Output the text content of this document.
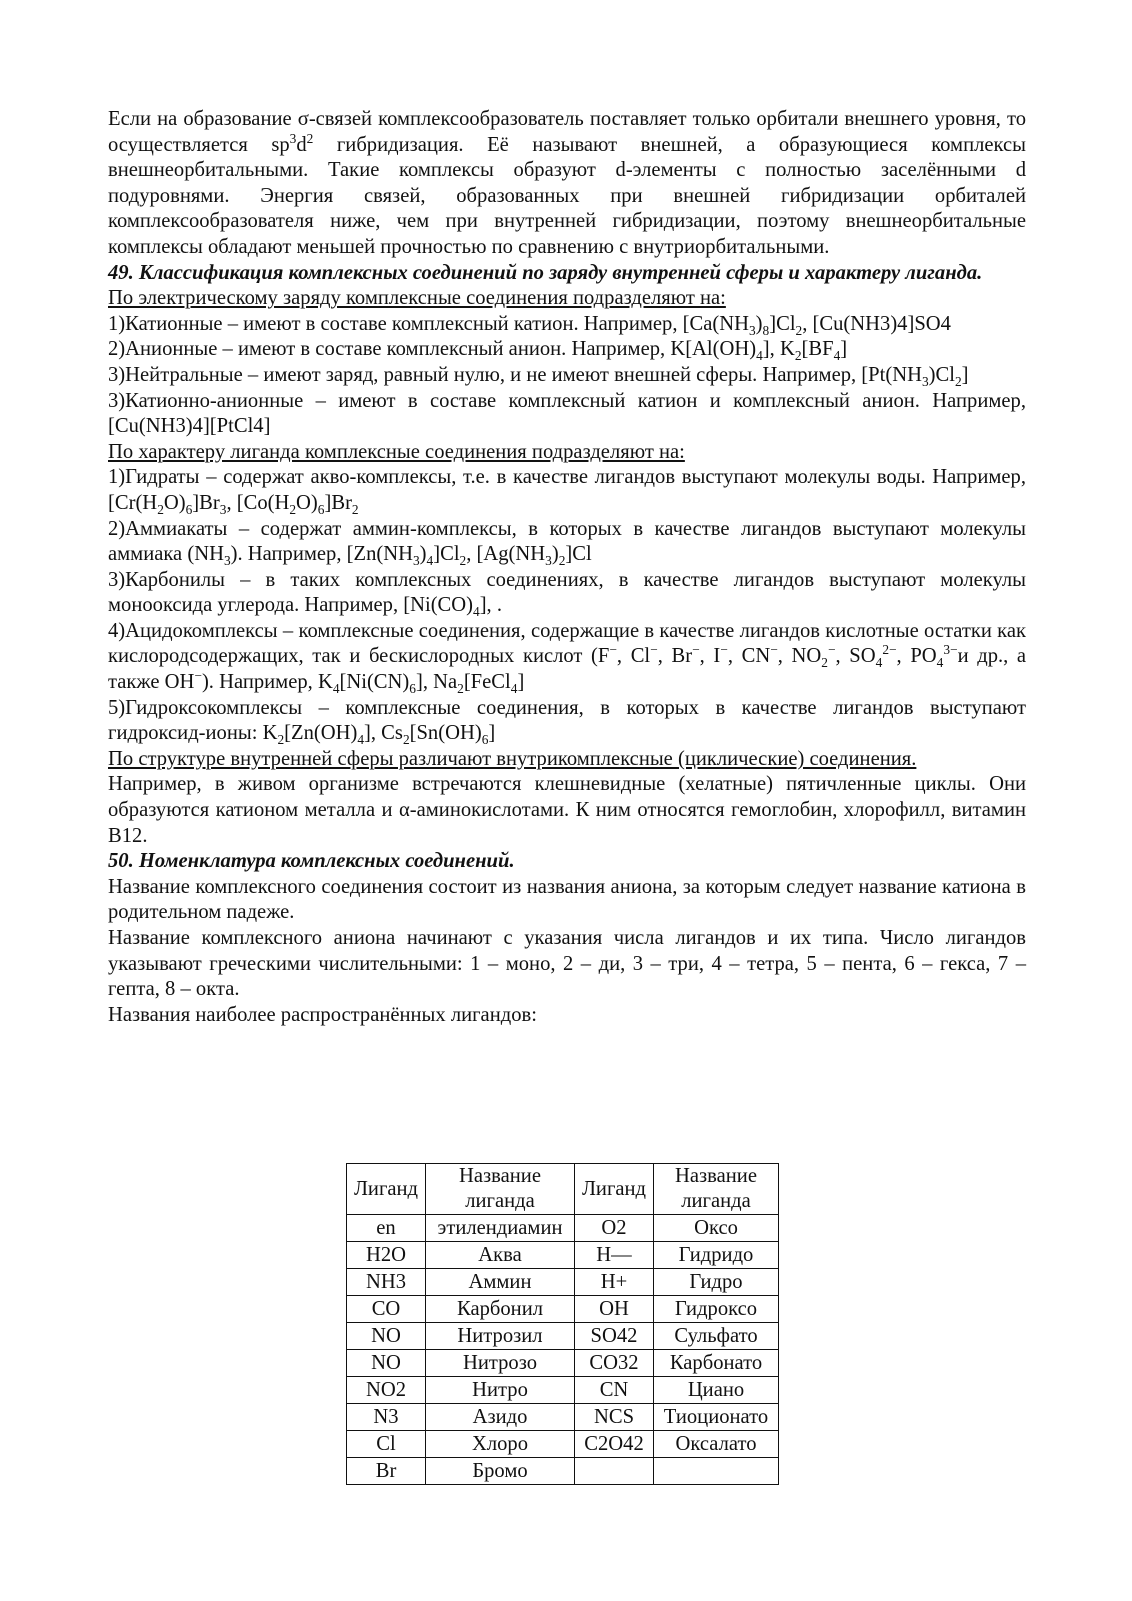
Если на образование σ-связей комплексообразователь поставляет только орбитали внешнего уровня, то осуществляется $sp^3d^2$ гибридизация. Её называют внешней, а образующиеся комплексы внешнеорбитальными. Такие комплексы образуют d-элементы с полностью заселёнными d подуровнями. Энергия связей, образованных при внешней гибридизации орбиталей комплексообразователя ниже, чем при внутренней гибридизации, поэтому внешнеорбитальные комплексы обладают меньшей прочностью по сравнению с внутриорбитальными.

49. Классификация комплексных соединений по заряду внутренней сферы и характеру лиганда.

По электрическому заряду комплексные соединения подразделяют на:

1)Катионные – имеют в составе комплексный катион. Например, $[Ca(NH_3)_8]Cl_2$, [Cu(NH3)4]SO4

2)Анионные – имеют в составе комплексный анион. Например, $K[Al(OH)_4]$, $K_2[BF_4]$

3)Нейтральные – имеют заряд, равный нулю, и не имеют внешней сферы. Например, $[Pt(NH_3)Cl_2]$

3)Катионно-анионные – имеют в составе комплексный катион и комплексный анион. Например, [Cu(NH3)4][PtCl4]

По характеру лиганда комплексные соединения подразделяют на:

1)Гидраты – содержат акво-комплексы, т.е. в качестве лигандов выступают молекулы воды. Например, $[Cr(H_2O)_6]Br_3$, $[Co(H_2O)_6]Br_2$

2)Аммиакаты – содержат аммин-комплексы, в которых в качестве лигандов выступают молекулы аммиака $(NH_3)$. Например, $[Zn(NH_3)_4]Cl_2$, $[Ag(NH_3)_2]Cl$

3)Карбонилы – в таких комплексных соединениях, в качестве лигандов выступают молекулы монооксида углерода. Например, $[Ni(CO)_4]$, .

4)Ацидокомплексы – комплексные соединения, содержащие в качестве лигандов кислотные остатки как кислородсодержащих, так и бескислородных кислот (F−, Cl−, Br−, I−, CN−, $NO_2^-$, $SO_4^{2-}$, $PO_4^{3-}и$ др., а также OH−). Например, $K_4[Ni(CN)_6]$, $Na_2[FeCl_4]$

5)Гидроксокомплексы – комплексные соединения, в которых в качестве лигандов выступают гидроксид-ионы: $K_2[Zn(OH)_4]$, $Cs_2[Sn(OH)_6]$

По структуре внутренней сферы различают внутрикомплексные (циклические) соединения.

Например, в живом организме встречаются клешневидные (хелатные) пятичленные циклы. Они образуются катионом металла и α-аминокислотами. К ним относятся гемоглобин, хлорофилл, витамин B12.

50. Номенклатура комплексных соединений.

Название комплексного соединения состоит из названия аниона, за которым следует название катиона в родительном падеже.

Название комплексного аниона начинают с указания числа лигандов и их типа. Число лигандов указывают греческими числительными: 1 – моно, 2 – ди, 3 – три, 4 – тетра, 5 – пента, 6 – гекса, 7 – гепта, 8 – окта.

Названия наиболее распространённых лигандов:

Лиганд	Название лиганда	Лиганд	Название лиганда
en	этилендиамин	O2	Оксо
H2O	Аква	H—	Гидридо
NH3	Аммин	H+	Гидро
CO	Карбонил	OH	Гидроксо
NO	Нитрозил	SO42	Сульфато
NO	Нитрозо	CO32	Карбонато
NO2	Нитро	CN	Циано
N3	Азидо	NCS	Тиоционато
Cl	Хлоро	C2O42	Оксалато
Br	Бромо		
